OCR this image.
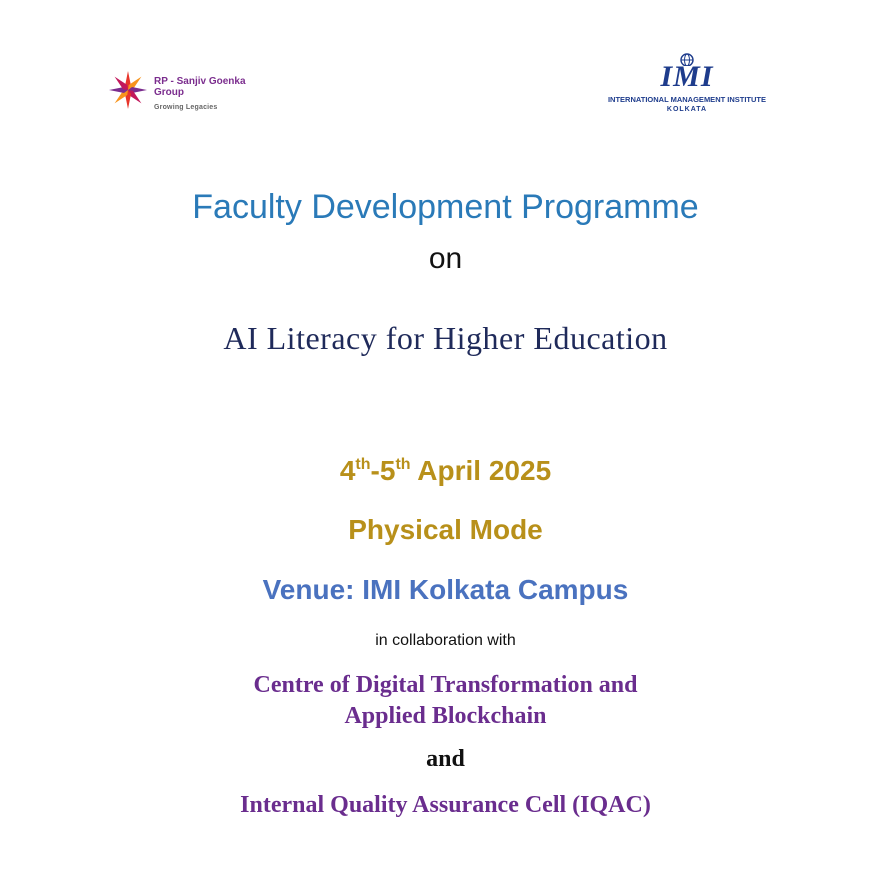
RP - Sanjiv Goenka
Group
Growing Legacies
IMI
INTERNATIONAL MANAGEMENT INSTITUTE
KOLKATA
Faculty Development Programme
on
AI Literacy for Higher Education
4th-5th April 2025
Physical Mode
Venue: IMI Kolkata Campus
in collaboration with
Centre of Digital Transformation and
Applied Blockchain
and
Internal Quality Assurance Cell (IQAC)
